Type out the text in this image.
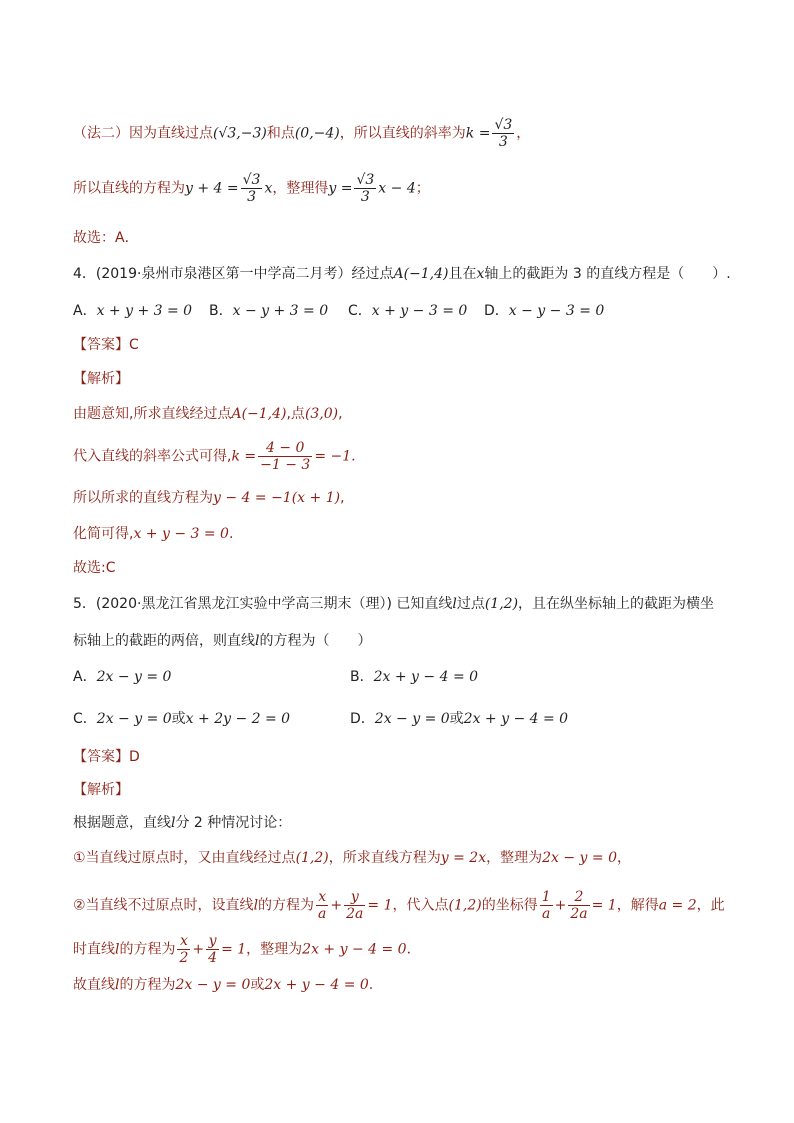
（法二）因为直线过点(√3,−3)和点(0,−4)，所以直线的斜率为$k = \frac{√3}{3}$ ，
所以直线的方程为$y + 4 = \frac{√3}{3}$ x，整理得$y = \frac{√3}{3}$ x − 4；
故选：A．
4．(2019·泉州市泉港区第一中学高二月考）经过点A(−1,4)且在x轴上的截距为 3 的直线方程是（　　）.
A．x + y + 3 = 0 B．x − y + 3 = 0 C．x + y − 3 = 0 D．x − y − 3 = 0
【答案】C
【解析】
由题意知,所求直线经过点A(−1,4),点(3,0),
代入直线的斜率公式可得$,k = \frac{4 - 0}{-1 - 3} = -1$.
所以所求的直线方程为y − 4 = −1(x + 1),
化简可得,x + y − 3 = 0.
故选:C
5．(2020·黑龙江省黑龙江实验中学高三期末（理）) 已知直线l过点(1,2)，且在纵坐标轴上的截距为横坐
标轴上的截距的两倍，则直线l的方程为（　　）
A．2x − y = 0	B．2x + y − 4 = 0
C．2x − y = 0或x + 2y − 2 = 0	D．2x − y = 0或2x + y − 4 = 0
【答案】D
【解析】
根据题意，直线l分 2 种情况讨论：
①当直线过原点时，又由直线经过点(1,2)，所求直线方程为y = 2x，整理为2x − y = 0，
②当直线不过原点时，设直线l的方程为 $\frac{x}{a} + \frac{y}{2a} = 1$，代入点(1,2)的坐标得 $\frac{1}{a} + \frac{2}{2a} = 1$，解得a = 2，此
时直线l的方程为 $\frac{x}{2} + \frac{y}{4} = 1$，整理为2x + y − 4 = 0．
故直线l的方程为2x − y = 0或2x + y − 4 = 0.
